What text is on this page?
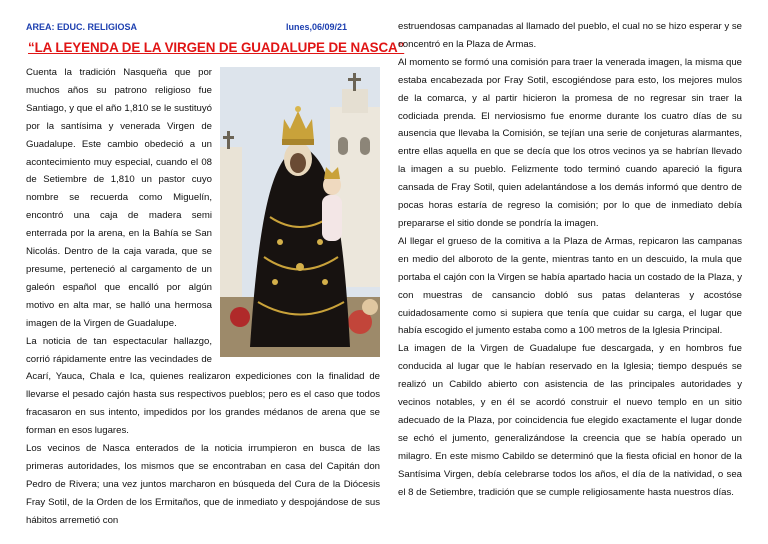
AREA: EDUC. RELIGIOSA	lunes,06/09/21
“LA LEYENDA DE LA VIRGEN DE GUADALUPE DE NASCA”

Cuenta la tradición Nasqueña que por muchos años su patrono religioso fue Santiago, y que el año 1,810 se le sustituyó por la santísima y venerada Virgen de Guadalupe. Este cambio obedeció a un acontecimiento muy especial, cuando el 08 de Setiembre de 1,810 un pastor cuyo nombre se recuerda como Miguelín, encontró una caja de madera semi enterrada por la arena, en la Bahía se San Nicolás. Dentro de la caja varada, que se presume, perteneció al cargamento de un galeón español que encalló por algún motivo en alta mar, se halló una hermosa imagen de la Virgen de Guadalupe.

La noticia de tan espectacular hallazgo, corrió rápidamente entre las vecindades de Acarí, Yauca, Chala e Ica, quienes realizaron expediciones con la finalidad de llevarse el pesado cajón hasta sus respectivos pueblos; pero es el caso que todos fracasaron en sus intento, impedidos por los grandes médanos de arena que se forman en esos lugares.

Los vecinos de Nasca enterados de la noticia irrumpieron en busca de las primeras autoridades, los mismos que se encontraban en casa del Capitán don Pedro de Rivera; una vez juntos marcharon en búsqueda del Cura de la Diócesis Fray Sotil, de la Orden de los Ermitaños, que de inmediato y despojándose de sus hábitos arremetió con

estruendosas campanadas al llamado del pueblo, el cual no se hizo esperar y se concentró en la Plaza de Armas.

Al momento se formó una comisión para traer la venerada imagen, la misma que estaba encabezada por Fray Sotil, escogiéndose para esto, los mejores mulos de la comarca, y al partir hicieron la promesa de no regresar sin traer la codiciada prenda. El nerviosismo fue enorme durante los cuatro días de su ausencia que llevaba la Comisión, se tejían una serie de conjeturas alarmantes, entre ellas aquella en que se decía que los otros vecinos ya se habrían llevado la imagen a su pueblo. Felizmente todo terminó cuando apareció la figura cansada de Fray Sotil, quien adelantándose a los demás informó que dentro de pocas horas estaría de regreso la comisión; por lo que de inmediato debía prepararse el sitio donde se pondría la imagen.

Al llegar el grueso de la comitiva a la Plaza de Armas, repicaron las campanas en medio del alboroto de la gente, mientras tanto en un descuido, la mula que portaba el cajón con la Virgen se había apartado hacia un costado de la Plaza, y con muestras de cansancio dobló sus patas delanteras y acostóse cuidadosamente como si supiera que tenía que cuidar su carga, el lugar que había escogido el jumento estaba como a 100 metros de la Iglesia Principal.

La imagen de la Virgen de Guadalupe fue descargada, y en hombros fue conducida al lugar que le habían reservado en la Iglesia; tiempo después se realizó un Cabildo abierto con asistencia de las principales autoridades y vecinos notables, y en él se acordó construir el nuevo templo en un sitio adecuado de la Plaza, por coincidencia fue elegido exactamente el lugar donde se echó el jumento, generalizándose la creencia que se había operado un milagro. En este mismo Cabildo se determinó que la fiesta oficial en honor de la Santísima Virgen, debía celebrarse todos los años, el día de la natividad, o sea el 8 de Setiembre, tradición que se cumple religiosamente hasta nuestros días.
